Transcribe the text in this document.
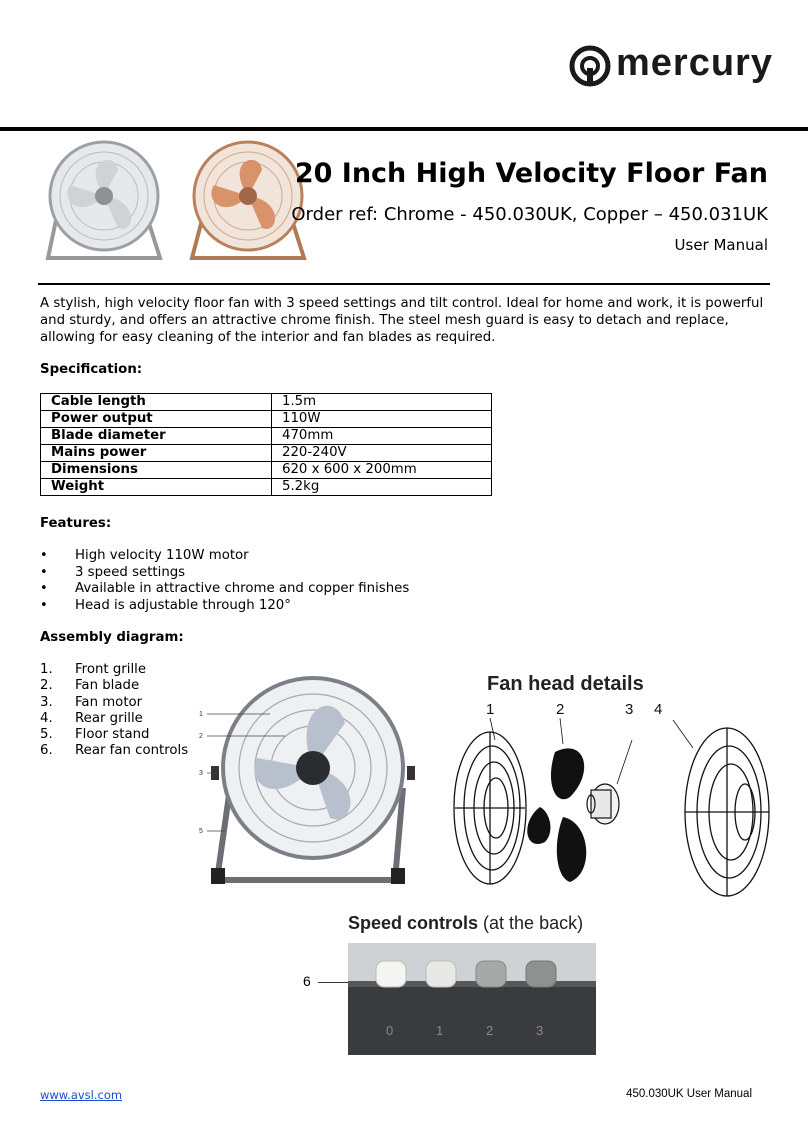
mercury
20 Inch High Velocity Floor Fan
Order ref: Chrome - 450.030UK, Copper – 450.031UK
User Manual
A stylish, high velocity floor fan with 3 speed settings and tilt control. Ideal for home and work, it is powerful and sturdy, and offers an attractive chrome finish. The steel mesh guard is easy to detach and replace, allowing for easy cleaning of the interior and fan blades as required.
Specification:
Cable length	1.5m
Power output	110W
Blade diameter	470mm
Mains power	220-240V
Dimensions	620 x 600 x 200mm
Weight	5.2kg
Features:
• High velocity 110W motor
• 3 speed settings
• Available in attractive chrome and copper finishes
• Head is adjustable through 120°
Assembly diagram:
1. Front grille
2. Fan blade
3. Fan motor
4. Rear grille
5. Floor stand
6. Rear fan controls
1
2
3
5
Fan head details
1	2	3 4
Speed controls (at the back)
6
0	1	2	3
www.avsl.com	450.030UK User Manual
